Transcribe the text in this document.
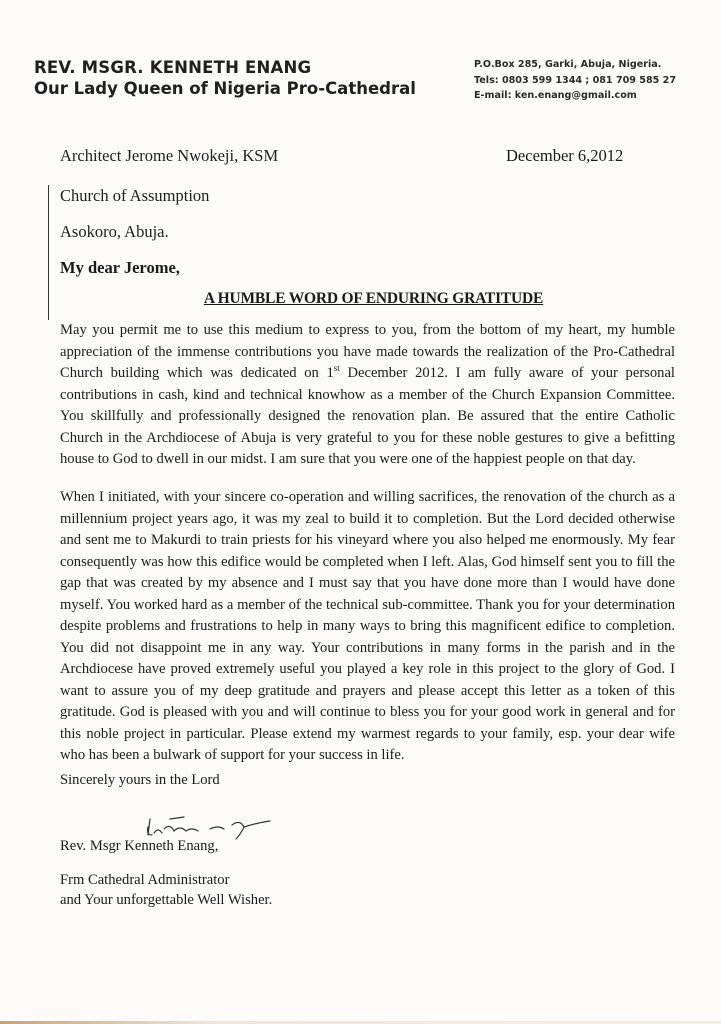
REV. MSGR. KENNETH ENANG
Our Lady Queen of Nigeria Pro-Cathedral
P.O.Box 285, Garki, Abuja, Nigeria.
Tels: 0803 599 1344 ; 081 709 585 27
E-mail: ken.enang@gmail.com
Architect Jerome Nwokeji, KSM	December 6,2012
Church of Assumption
Asokoro, Abuja.
My dear Jerome,
A HUMBLE WORD OF ENDURING GRATITUDE
May you permit me to use this medium to express to you, from the bottom of my heart, my humble appreciation of the immense contributions you have made towards the realization of the Pro-Cathedral Church building which was dedicated on 1st December 2012. I am fully aware of your personal contributions in cash, kind and technical knowhow as a member of the Church Expansion Committee. You skillfully and professionally designed the renovation plan. Be assured that the entire Catholic Church in the Archdiocese of Abuja is very grateful to you for these noble gestures to give a befitting house to God to dwell in our midst. I am sure that you were one of the happiest people on that day.
When I initiated, with your sincere co-operation and willing sacrifices, the renovation of the church as a millennium project years ago, it was my zeal to build it to completion. But the Lord decided otherwise and sent me to Makurdi to train priests for his vineyard where you also helped me enormously. My fear consequently was how this edifice would be completed when I left. Alas, God himself sent you to fill the gap that was created by my absence and I must say that you have done more than I would have done myself. You worked hard as a member of the technical sub-committee. Thank you for your determination despite problems and frustrations to help in many ways to bring this magnificent edifice to completion. You did not disappoint me in any way. Your contributions in many forms in the parish and in the Archdiocese have proved extremely useful you played a key role in this project to the glory of God. I want to assure you of my deep gratitude and prayers and please accept this letter as a token of this gratitude. God is pleased with you and will continue to bless you for your good work in general and for this noble project in particular. Please extend my warmest regards to your family, esp. your dear wife who has been a bulwark of support for your success in life.
Sincerely yours in the Lord
Rev. Msgr Kenneth Enang,
Frm Cathedral Administrator
and Your unforgettable Well Wisher.
